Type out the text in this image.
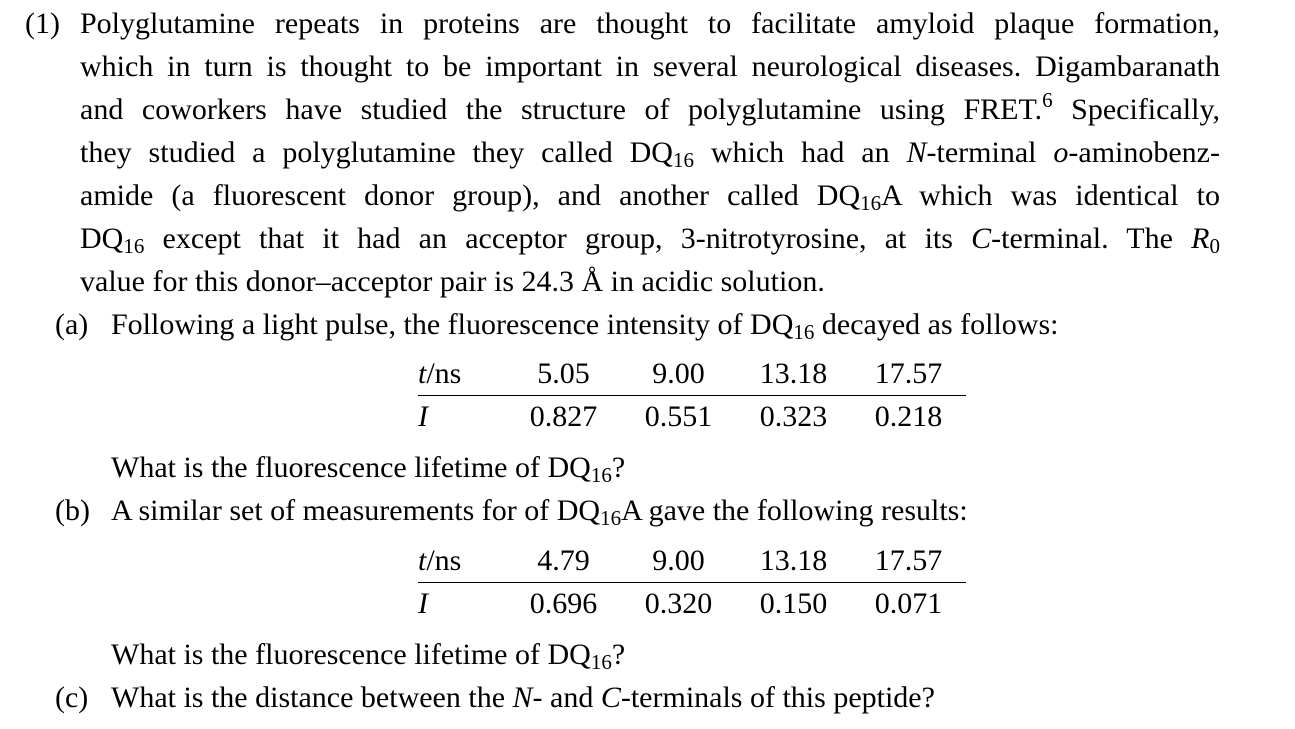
(1) Polyglutamine repeats in proteins are thought to facilitate amyloid plaque formation,
which in turn is thought to be important in several neurological diseases. Digambaranath
and coworkers have studied the structure of polyglutamine using FRET.$^6$ Specifically,
they studied a polyglutamine they called $DQ_{16}$ which had an N-terminal o-aminobenz-
amide (a fluorescent donor group), and another called $DQ_{16}A$ which was identical to
$DQ_{16}$ except that it had an acceptor group, 3-nitrotyrosine, at its C-terminal. The $R_0$
value for this donor–acceptor pair is 24.3 Å in acidic solution.
(a) Following a light pulse, the fluorescence intensity of $DQ_{16}$ decayed as follows:
t/ns	5.05	9.00	13.18	17.57
I	0.827	0.551	0.323	0.218
What is the fluorescence lifetime of $DQ_{16}$?
(b) A similar set of measurements for of $DQ_{16}A$ gave the following results:
t/ns	4.79	9.00	13.18	17.57
I	0.696	0.320	0.150	0.071
What is the fluorescence lifetime of $DQ_{16}$?
(c) What is the distance between the N- and C-terminals of this peptide?
